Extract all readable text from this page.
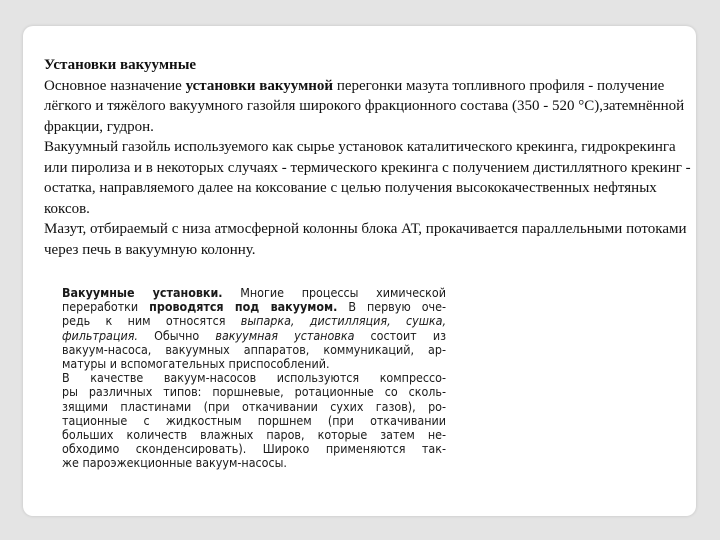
Установки вакуумные

Основное назначение установки вакуумной перегонки мазута топливного профиля - получение лёгкого и тяжёлого вакуумного газойля широкого фракционного состава (350 - 520 °С),затемнённой фракции, гудрон.

Вакуумный газойль используемого как сырье установок каталитического крекинга, гидрокрекинга или пиролиза и в некоторых случаях - термического крекинга с получением дистиллятного крекинг - остатка, направляемого далее на коксование с целью получения высококачественных нефтяных коксов.

Мазут, отбираемый с низа атмосферной колонны блока АТ, прокачивается параллельными потоками через печь в вакуумную колонну.

Вакуумные установки. Многие процессы химической
переработки проводятся под вакуумом. В первую оче-
редь к ним относятся выпарка, дистилляция, сушка,
фильтрация. Обычно вакуумная установка состоит из
вакуум-насоса, вакуумных аппаратов, коммуникаций, ар-
матуры и вспомогательных приспособлений.
В качестве вакуум-насосов используются компрессо-
ры различных типов: поршневые, ротационные со сколь-
зящими пластинами (при откачивании сухих газов), ро-
тационные с жидкостным поршнем (при откачивании
больших количеств влажных паров, которые затем не-
обходимо сконденсировать). Широко применяются так-
же пароэжекционные вакуум-насосы.
